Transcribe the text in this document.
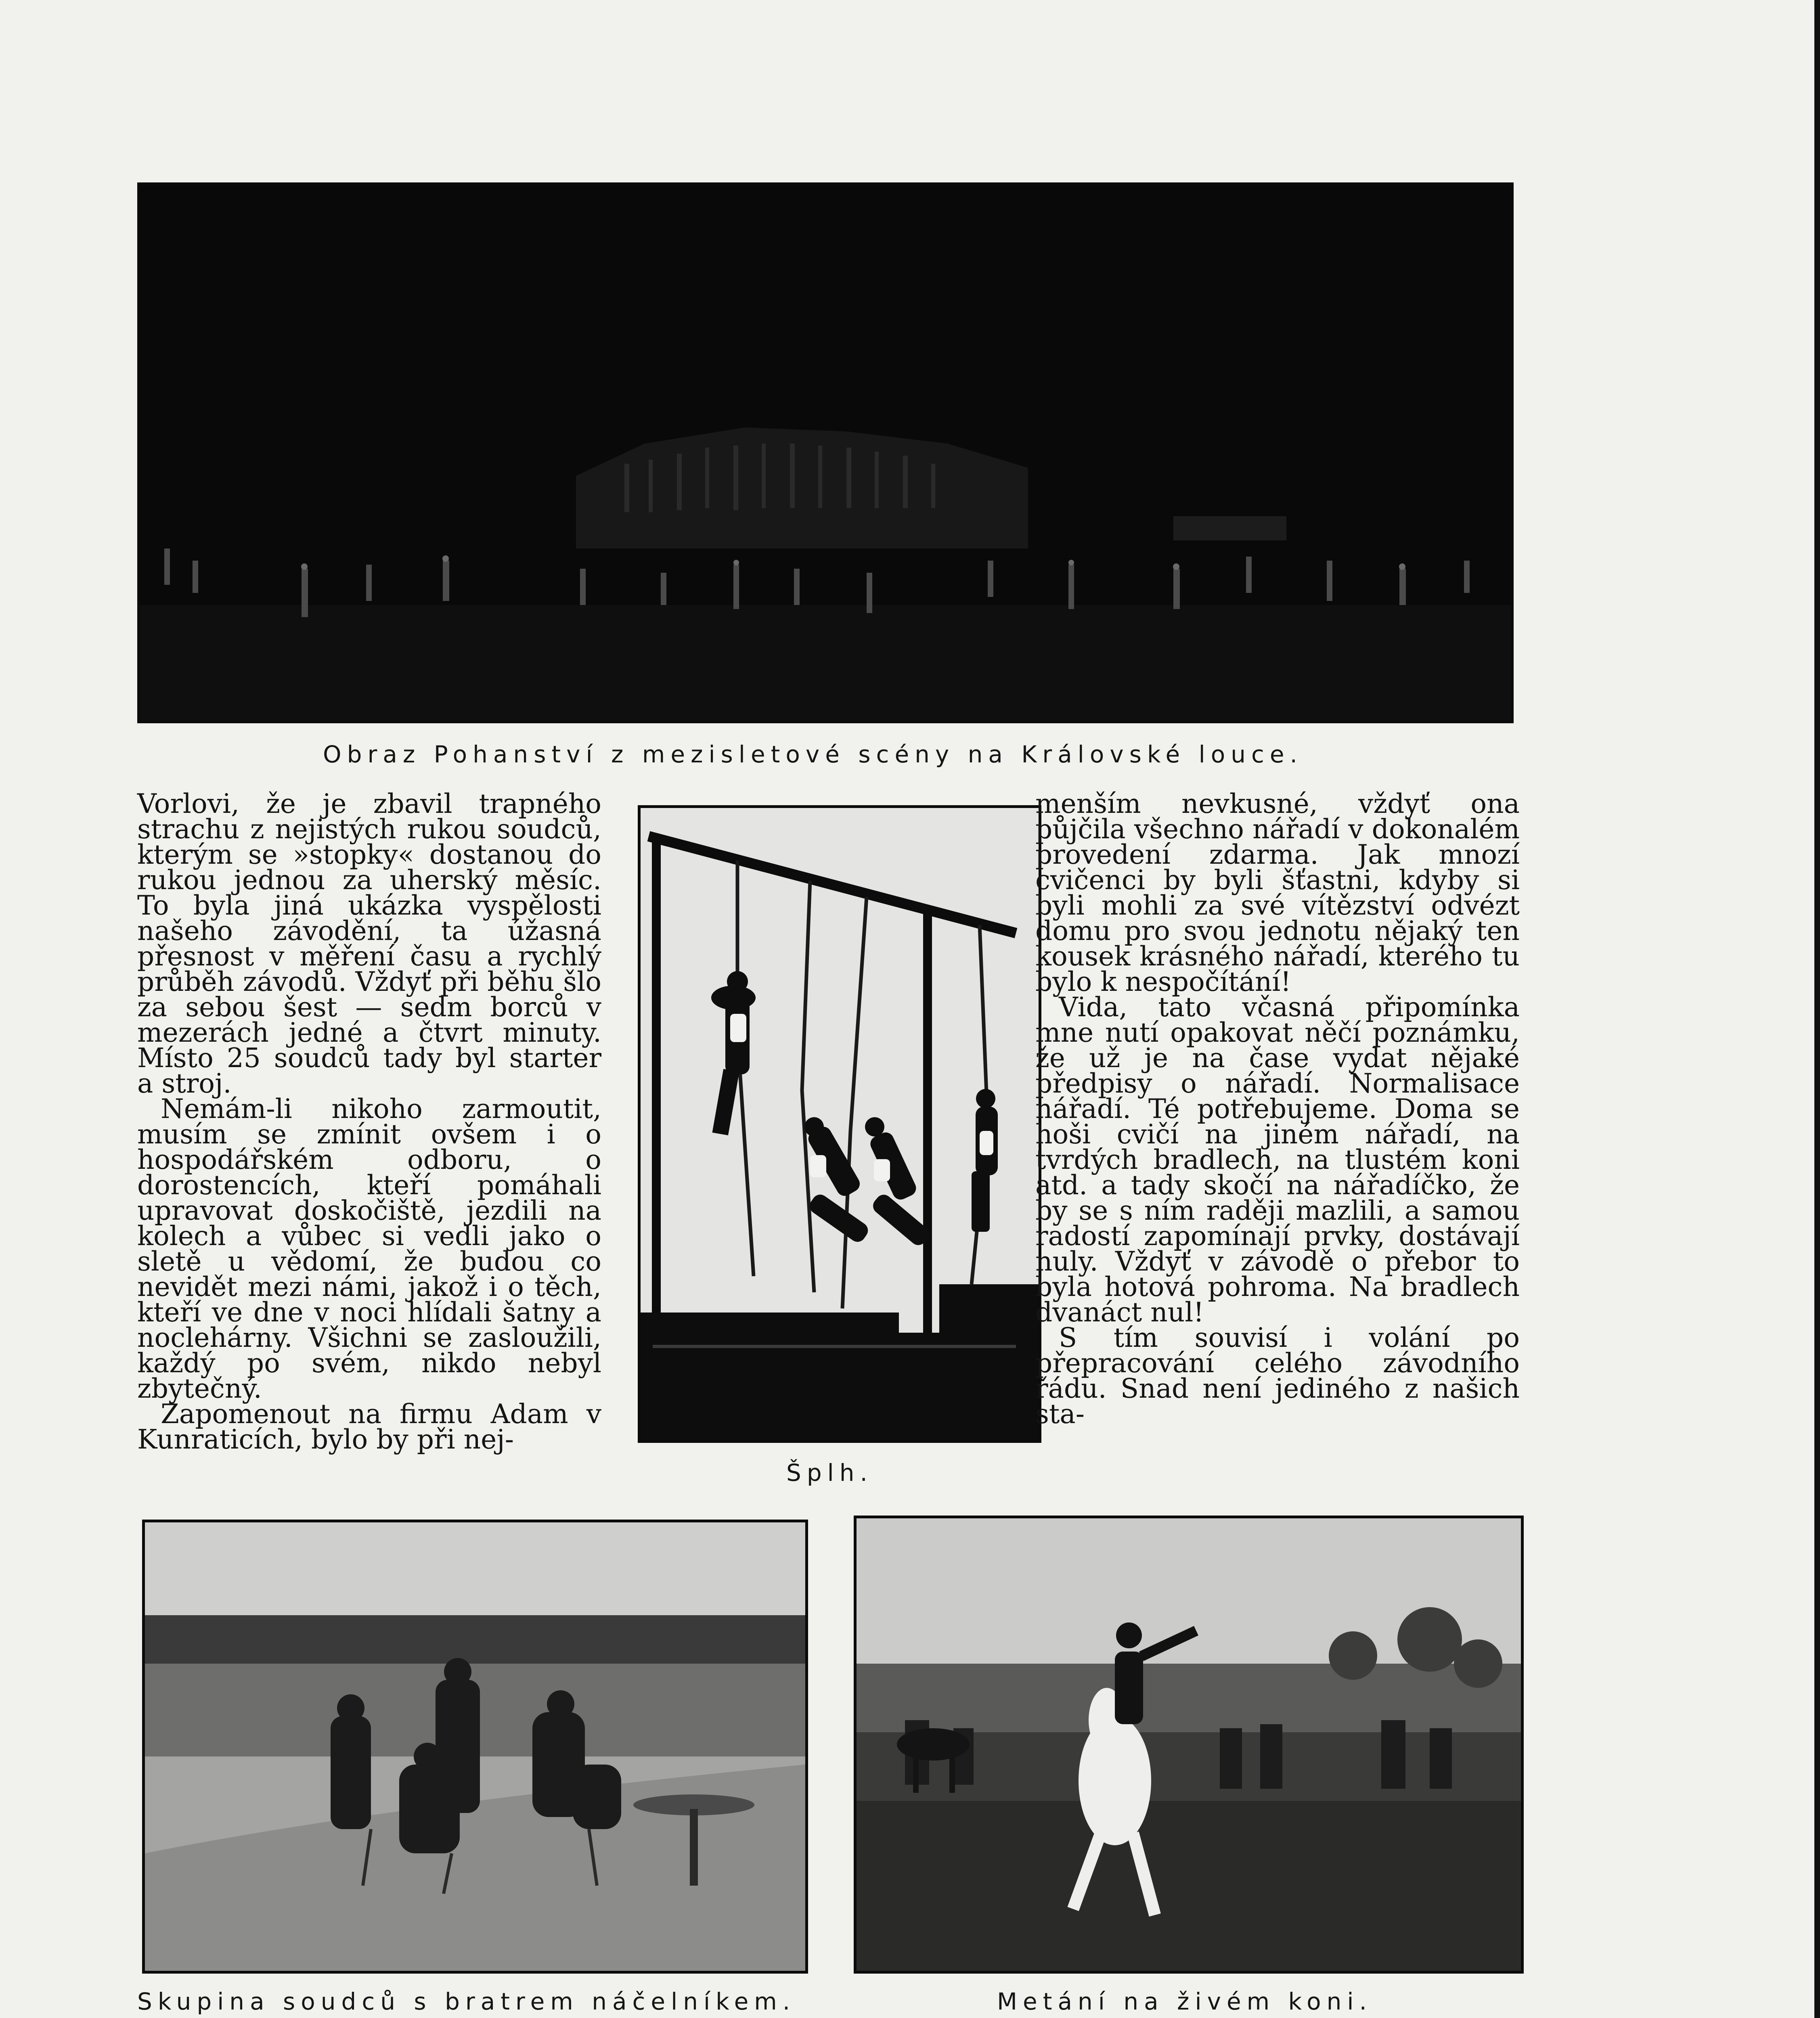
Obraz Pohanství z mezisletové scény na Královské louce.

Vorlovi, že je zbavil trapného strachu z nejistých rukou soudců, kterým se »stopky« dostanou do rukou jednou za uherský měsíc. To byla jiná ukázka vyspělosti našeho závodění, ta úžasná přesnost v měření času a rychlý průběh závodů. Vždyť při běhu šlo za sebou šest — sedm borců v mezerách jedné a čtvrt minuty. Místo 25 soudců tady byl starter a stroj.

Nemám-li nikoho zarmoutit, musím se zmínit ovšem i o hospodářském odboru, o dorostencích, kteří pomáhali upravovat doskočiště, jezdili na kolech a vůbec si vedli jako o sletě u vědomí, že budou co nevidět mezi námi, jakož i o těch, kteří ve dne v noci hlídali šatny a noclehárny. Všichni se zasloužili, každý po svém, nikdo nebyl zbytečný.

Zapomenout na firmu Adam v Kunraticích, bylo by při nej-

Šplh.

menším nevkusné, vždyť ona půjčila všechno nářadí v dokonalém provedení zdarma. Jak mnozí cvičenci by byli šťastni, kdyby si byli mohli za své vítězství odvézt domu pro svou jednotu nějaký ten kousek krásného nářadí, kterého tu bylo k nespočítání!

Vida, tato včasná připomínka mne nutí opakovat něčí poznámku, že už je na čase vydat nějaké předpisy o nářadí. Normalisace nářadí. Té potřebujeme. Doma se hoši cvičí na jiném nářadí, na tvrdých bradlech, na tlustém koni atd. a tady skočí na nářadíčko, že by se s ním raději mazlili, a samou radostí zapomínají prvky, dostávají nuly. Vždyť v závodě o přebor to byla hotová pohroma. Na bradlech dvanáct nul!

S tím souvisí i volání po přepracování celého závodního řádu. Snad není jediného z našich sta-

Skupina soudců s bratrem náčelníkem.	Metání na živém koni.
